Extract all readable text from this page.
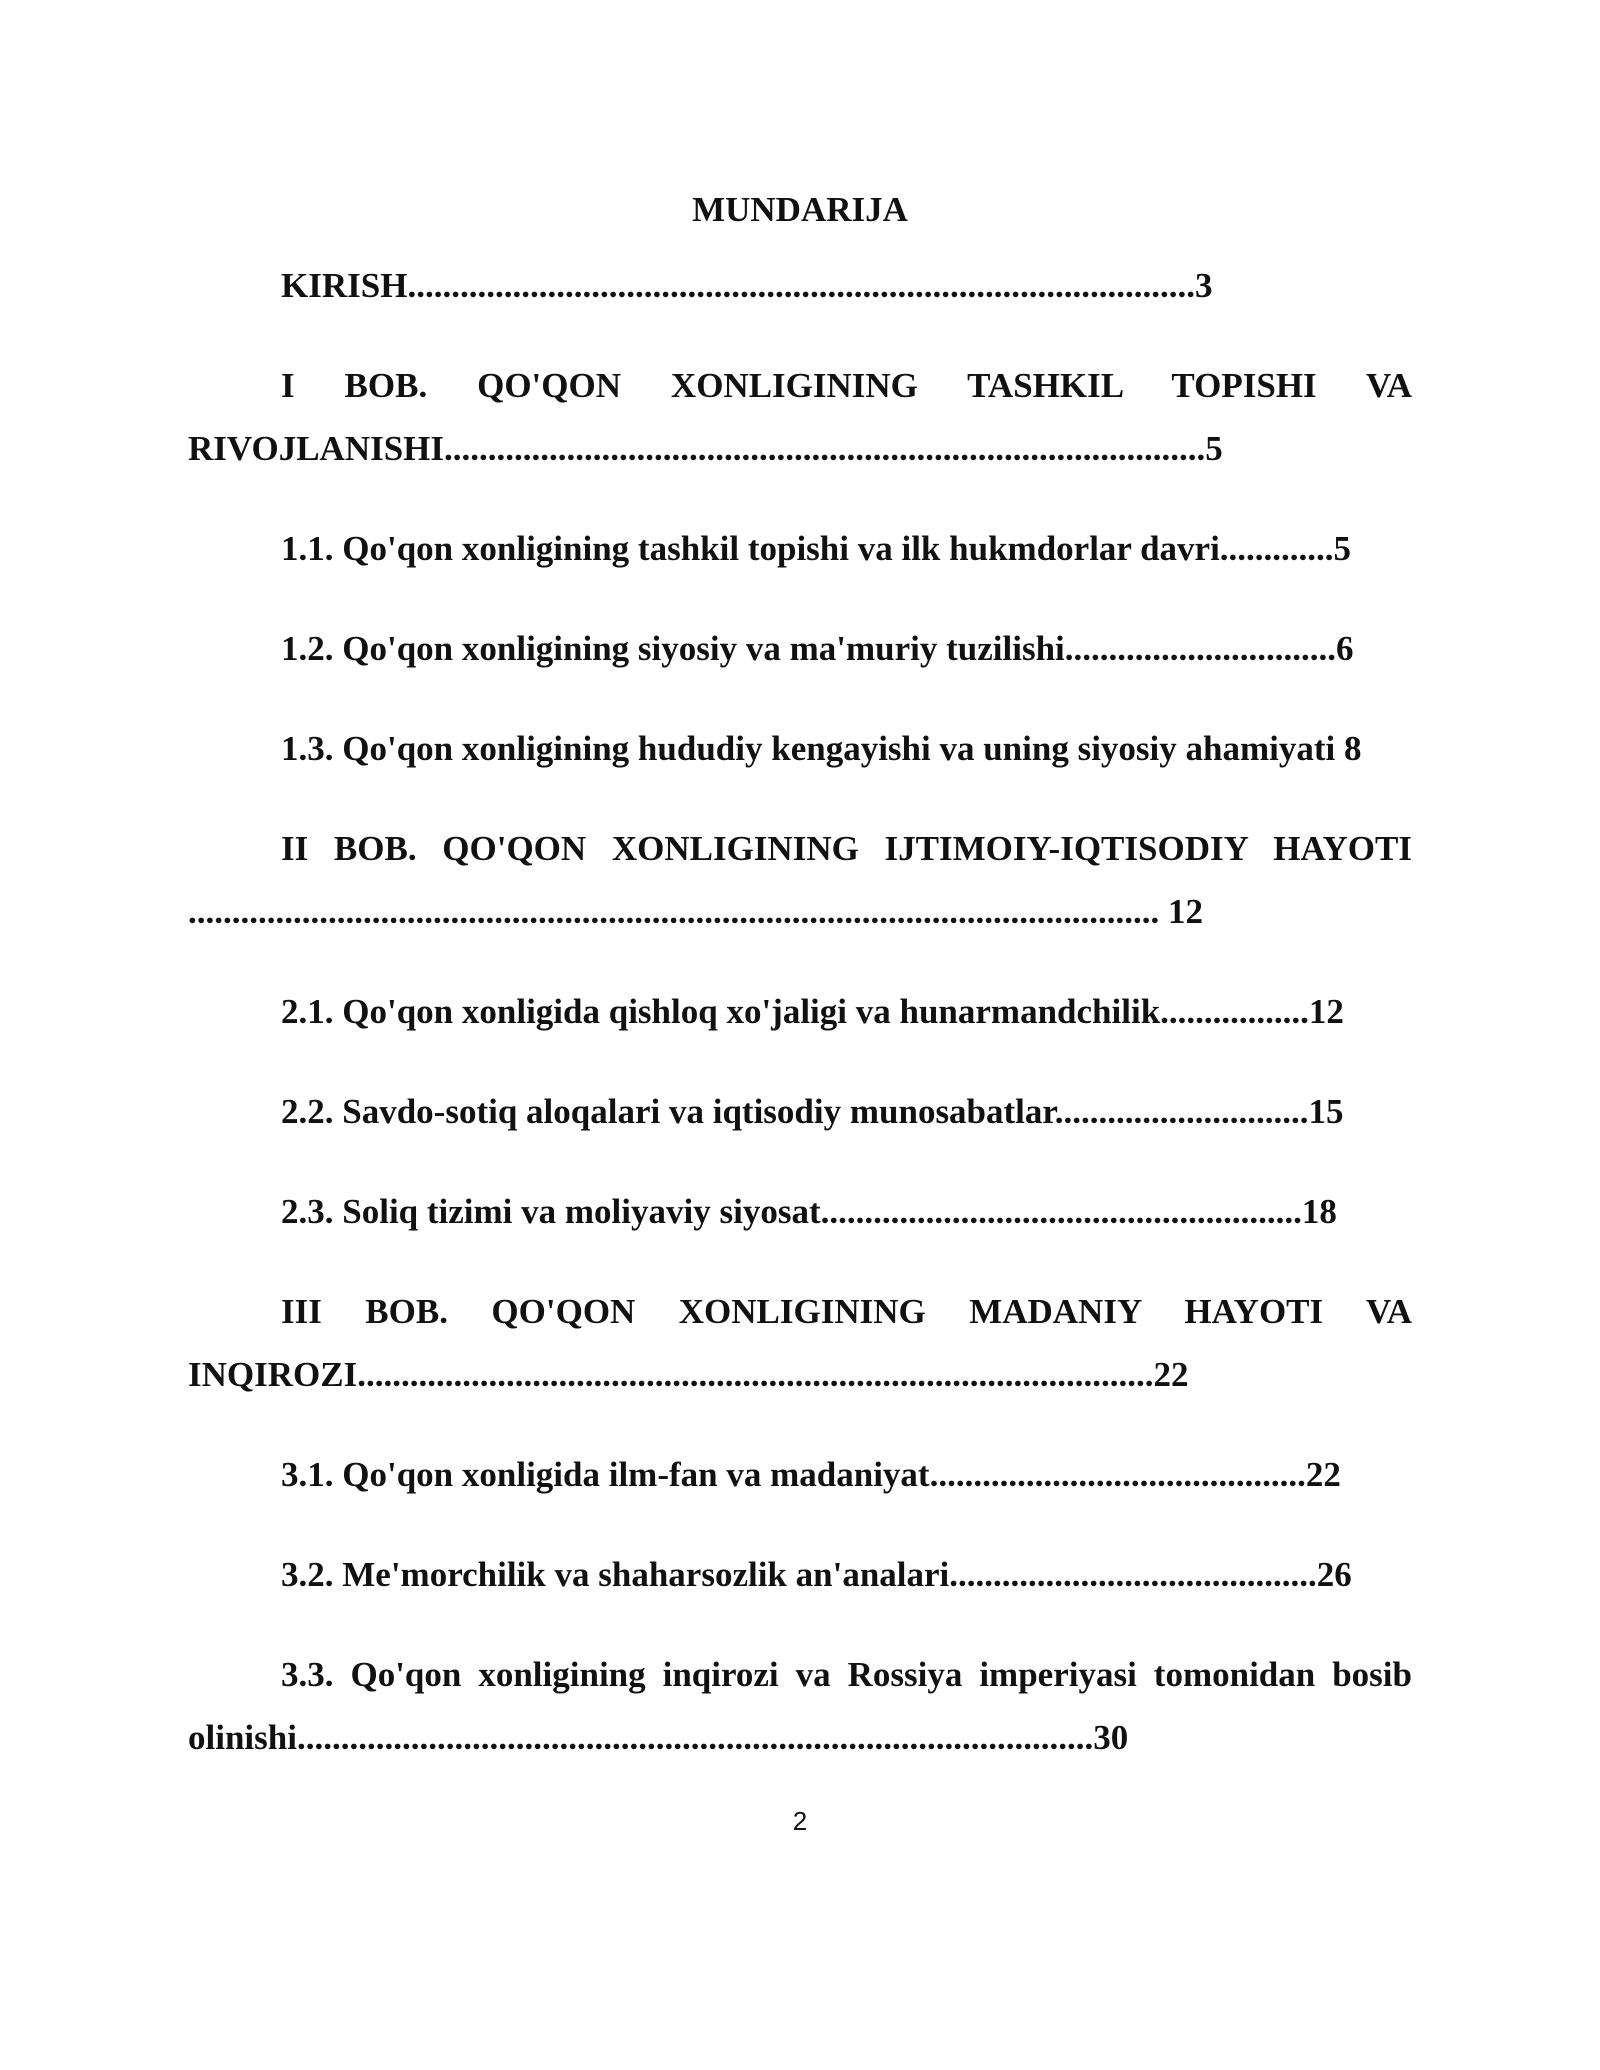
MUNDARIJA
KIRISH..........................................................................................3
I BOB. QO'QON XONLIGINING TASHKIL TOPISHI VA RIVOJLANISHI.......................................................................................5
1.1. Qo'qon xonligining tashkil topishi va ilk hukmdorlar davri.............5
1.2. Qo'qon xonligining siyosiy va ma'muriy tuzilishi...............................6
1.3. Qo'qon xonligining hududiy kengayishi va uning siyosiy ahamiyati 8
II BOB. QO'QON XONLIGINING IJTIMOIY-IQTISODIY HAYOTI ............................................................................................................... 12
2.1. Qo'qon xonligida qishloq xo'jaligi va hunarmandchilik.................12
2.2. Savdo-sotiq aloqalari va iqtisodiy munosabatlar.............................15
2.3. Soliq tizimi va moliyaviy siyosat.......................................................18
III BOB. QO'QON XONLIGINING MADANIY HAYOTI VA INQIROZI...........................................................................................22
3.1. Qo'qon xonligida ilm-fan va madaniyat...........................................22
3.2. Me'morchilik va shaharsozlik an'analari..........................................26
3.3. Qo'qon xonligining inqirozi va Rossiya imperiyasi tomonidan bosib olinishi...........................................................................................30
2
